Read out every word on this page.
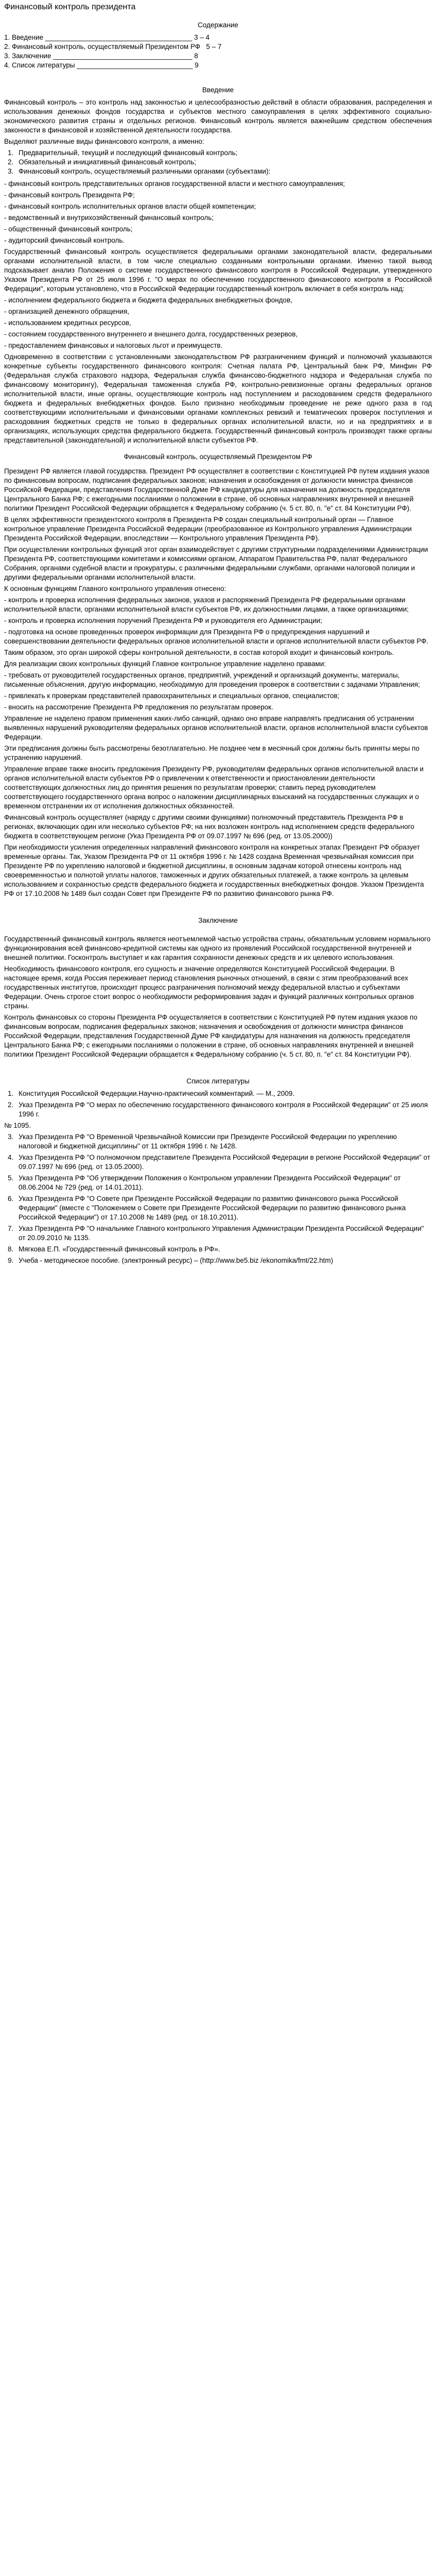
Финансовый контроль президента
Содержание
1. Введение ______________________________________ 3 – 4
2. Финансовый контроль, осуществляемый Президентом РФ   5 – 7
3. Заключение ____________________________________ 8
4. Список литературы ______________________________ 9
Введение

Финансовый контроль – это контроль над законностью и целесообразностью действий в области образования, распределения и использования денежных фондов государства и субъектов местного самоуправления в целях эффективного социально-экономического развития страны и отдельных регионов. Финансовый контроль является важнейшим средством обеспечения законности в финансовой и хозяйственной деятельности государства.

Выделяют различные виды финансового контроля, а именно:

1. Предварительный, текущий и последующий финансовый контроль;
2. Обязательный и инициативный финансовый контроль;
3. Финансовый контроль, осуществляемый различными органами (субъектами):

- финансовый контроль представительных органов государственной власти и местного самоуправления;

- финансовый контроль Президента РФ;

- финансовый контроль исполнительных органов власти общей компетенции;

- ведомственный и внутрихозяйственный финансовый контроль;

- общественный финансовый контроль;

- аудиторский финансовый контроль.

Государственный финансовый контроль осуществляется федеральными органами законодательной власти, федеральными органами исполнительной власти, в том числе специально созданными контрольными органами. Именно такой вывод подсказывает анализ Положения о системе государственного финансового контроля в Российской Федерации, утвержденного Указом Президента РФ от 25 июля 1996 г. "О мерах по обеспечению государственного финансового контроля в Российской Федерации", которым установлено, что в Российской Федерации государственный контроль включает в себя контроль над:

- исполнением федерального бюджета и бюджета федеральных внебюджетных фондов,

- организацией денежного обращения,

- использованием кредитных ресурсов,

- состоянием государственного внутреннего и внешнего долга, государственных резервов,

- предоставлением финансовых и налоговых льгот и преимуществ.

Одновременно в соответствии с установленными законодательством РФ разграничением функций и полномочий указываются конкретные субъекты государственного финансового контроля: Счетная палата РФ, Центральный банк РФ, Минфин РФ (Федеральная служба страхового надзора, Федеральная служба финансово-бюджетного надзора и Федеральная служба по финансовому мониторингу), Федеральная таможенная служба РФ, контрольно-ревизионные органы федеральных органов исполнительной власти, иные органы, осуществляющие контроль над поступлением и расходованием средств федерального бюджета и федеральных внебюджетных фондов. Было признано необходимым проведение не реже одного раза в год соответствующими исполнительными и финансовыми органами комплексных ревизий и тематических проверок поступления и расходования бюджетных средств не только в федеральных органах исполнительной власти, но и на предприятиях и в организациях, использующих средства федерального бюджета. Государственный финансовый контроль производят также органы представительной (законодательной) и исполнительной власти субъектов РФ.

Финансовый контроль, осуществляемый Президентом РФ

Президент РФ является главой государства. Президент РФ осуществляет в соответствии с Конституцией РФ путем издания указов по финансовым вопросам, подписания федеральных законов; назначения и освобождения от должности министра финансов Российской Федерации, представления Государственной Думе РФ кандидатуры для назначения на должность председателя Центрального Банка РФ; с ежегодными посланиями о положении в стране, об основных направлениях внутренней и внешней политики Президент Российской Федерации обращается к Федеральному собранию (ч. 5 ст. 80, п. "е" ст. 84 Конституции РФ).

В целях эффективности президентского контроля в Президента РФ создан специальный контрольный орган — Главное контрольное управление Президента Российской Федерации (преобразованное из Контрольного управления Администрации Президента Российской Федерации, впоследствии — Контрольного управления Президента РФ).

При осуществлении контрольных функций этот орган взаимодействует с другими структурными подразделениями Администрации Президента РФ, соответствующими комитетами и комиссиями органом, Аппаратом Правительства РФ, палат Федерального Собрания, органами судебной власти и прокуратуры, с различными федеральными службами, органами налоговой полиции и другими федеральными органами исполнительной власти.

К основным функциям Главного контрольного управления отнесено:

- контроль и проверка исполнения федеральных законов, указов и распоряжений Президента РФ федеральными органами исполнительной власти, органами исполнительной власти субъектов РФ, их должностными лицами, а также организациями;

- контроль и проверка исполнения поручений Президента РФ и руководителя его Администрации;

- подготовка на основе проведенных проверок информации для Президента РФ о предупреждения нарушений и совершенствовании деятельности федеральных органов исполнительной власти и органов исполнительной власти субъектов РФ.

Таким образом, это орган широкой сферы контрольной деятельности, в состав которой входит и финансовый контроль.

Для реализации своих контрольных функций Главное контрольное управление наделено правами:

- требовать от руководителей государственных органов, предприятий, учреждений и организаций документы, материалы, письменные объяснения, другую информацию, необходимую для проведения проверок в соответствии с задачами Управления;

- привлекать к проверкам представителей правоохранительных и специальных органов, специалистов;

- вносить на рассмотрение Президента РФ предложения по результатам проверок.

Управление не наделено правом применения каких-либо санкций, однако оно вправе направлять предписания об устранении выявленных нарушений руководителям федеральных органов исполнительной власти, органов исполнительной власти субъектов Федерации.

Эти предписания должны быть рассмотрены безотлагательно. Не позднее чем в месячный срок должны быть приняты меры по устранению нарушений.

Управление вправе также вносить предложения Президенту РФ, руководителям федеральных органов исполнительной власти и органов исполнительной власти субъектов РФ о привлечении к ответственности и приостановлении деятельности соответствующих должностных лиц до принятия решения по результатам проверки; ставить перед руководителем соответствующего государственного органа вопрос о наложении дисциплинарных взысканий на государственных служащих и о временном отстранении их от исполнения должностных обязанностей.

Финансовый контроль осуществляет (наряду с другими своими функциями) полномочный представитель Президента РФ в регионах, включающих один или несколько субъектов РФ; на них возложен контроль над исполнением средств федерального бюджета в соответствующем регионе (Указ Президента РФ от 09.07.1997 № 696 (ред. от 13.05.2000))

При необходимости усиления определенных направлений финансового контроля на конкретных этапах Президент РФ образует временные органы. Так, Указом Президента РФ от 11 октября 1996 г. № 1428 создана Временная чрезвычайная комиссия при Президенте РФ по укреплению налоговой и бюджетной дисциплины, в основным задачам которой отнесены контроль над своевременностью и полнотой уплаты налогов, таможенных и других обязательных платежей, а также контроль за целевым использованием и сохранностью средств федерального бюджета и государственных внебюджетных фондов. Указом Президента РФ от 17.10.2008 № 1489 был создан Совет при Президенте РФ по развитию финансового рынка РФ.

Заключение

Государственный финансовый контроль является неотъемлемой частью устройства страны, обязательным условием нормального функционирования всей финансово-кредитной системы как одного из проявлений Российской государственной внутренней и внешней политики. Госконтроль выступает и как гарантия сохранности денежных средств и их целевого использования.

Необходимость финансового контроля, его сущность и значение определяются Конституцией Российской Федерации. В настоящее время, когда Россия переживает период становления рыночных отношений, в связи с этим преобразований всех государственных институтов, происходит процесс разграничения полномочий между федеральной властью и субъектами Федерации. Очень строгое стоит вопрос о необходимости реформирования задач и функций различных контрольных органов страны.

Контроль финансовых со стороны Президента РФ осуществляется в соответствии с Конституцией РФ путем издания указов по финансовым вопросам, подписания федеральных законов; назначения и освобождения от должности министра финансов Российской Федерации, представления Государственной Думе РФ кандидатуры для назначения на должность председателя Центрального Банка РФ; с ежегодными посланиями о положении в стране, об основных направлениях внутренней и внешней политики Президент Российской Федерации обращается к Федеральному собранию (ч. 5 ст. 80, п. "е" ст. 84 Конституции РФ).

Список литературы
1. Конституция Российской Федерации.Научно-практический комментарий. — М., 2009.
2. Указ Президента РФ "О мерах по обеспечению государственного финансового контроля в Российской Федерации" от 25 июля 1996 г.

№ 1095.

3. Указ Президента РФ "О Временной Чрезвычайной Комиссии при Президенте Российской Федерации по укреплению налоговой и бюджетной дисциплины" от 11 октября 1996 г. № 1428.
4. Указ Президента РФ "О полномочном представителе Президента Российской Федерации в регионе Российской Федерации" от 09.07.1997 № 696 (ред. от 13.05.2000).
5. Указ Президента РФ "Об утверждении Положения о Контрольном управлении Президента Российской Федерации" от 08.06.2004 № 729 (ред. от 14.01.2011).
6. Указ Президента РФ "О Совете при Президенте Российской Федерации по развитию финансового рынка Российской Федерации" (вместе с "Положением о Совете при Президенте Российской Федерации по развитию финансового рынка Российской Федерации") от 17.10.2008 № 1489 (ред. от 18.10.2011).
7. Указ Президента РФ "О начальнике Главного контрольного Управления Администрации Президента Российской Федерации" от 20.09.2010 № 1135.
8. Мягкова Е.П. «Государственный финансовый контроль в РФ».
9. Учеба - методическое пособие. (электронный ресурс) – (http://www.be5.biz /ekonomika/fmt/22.htm)
